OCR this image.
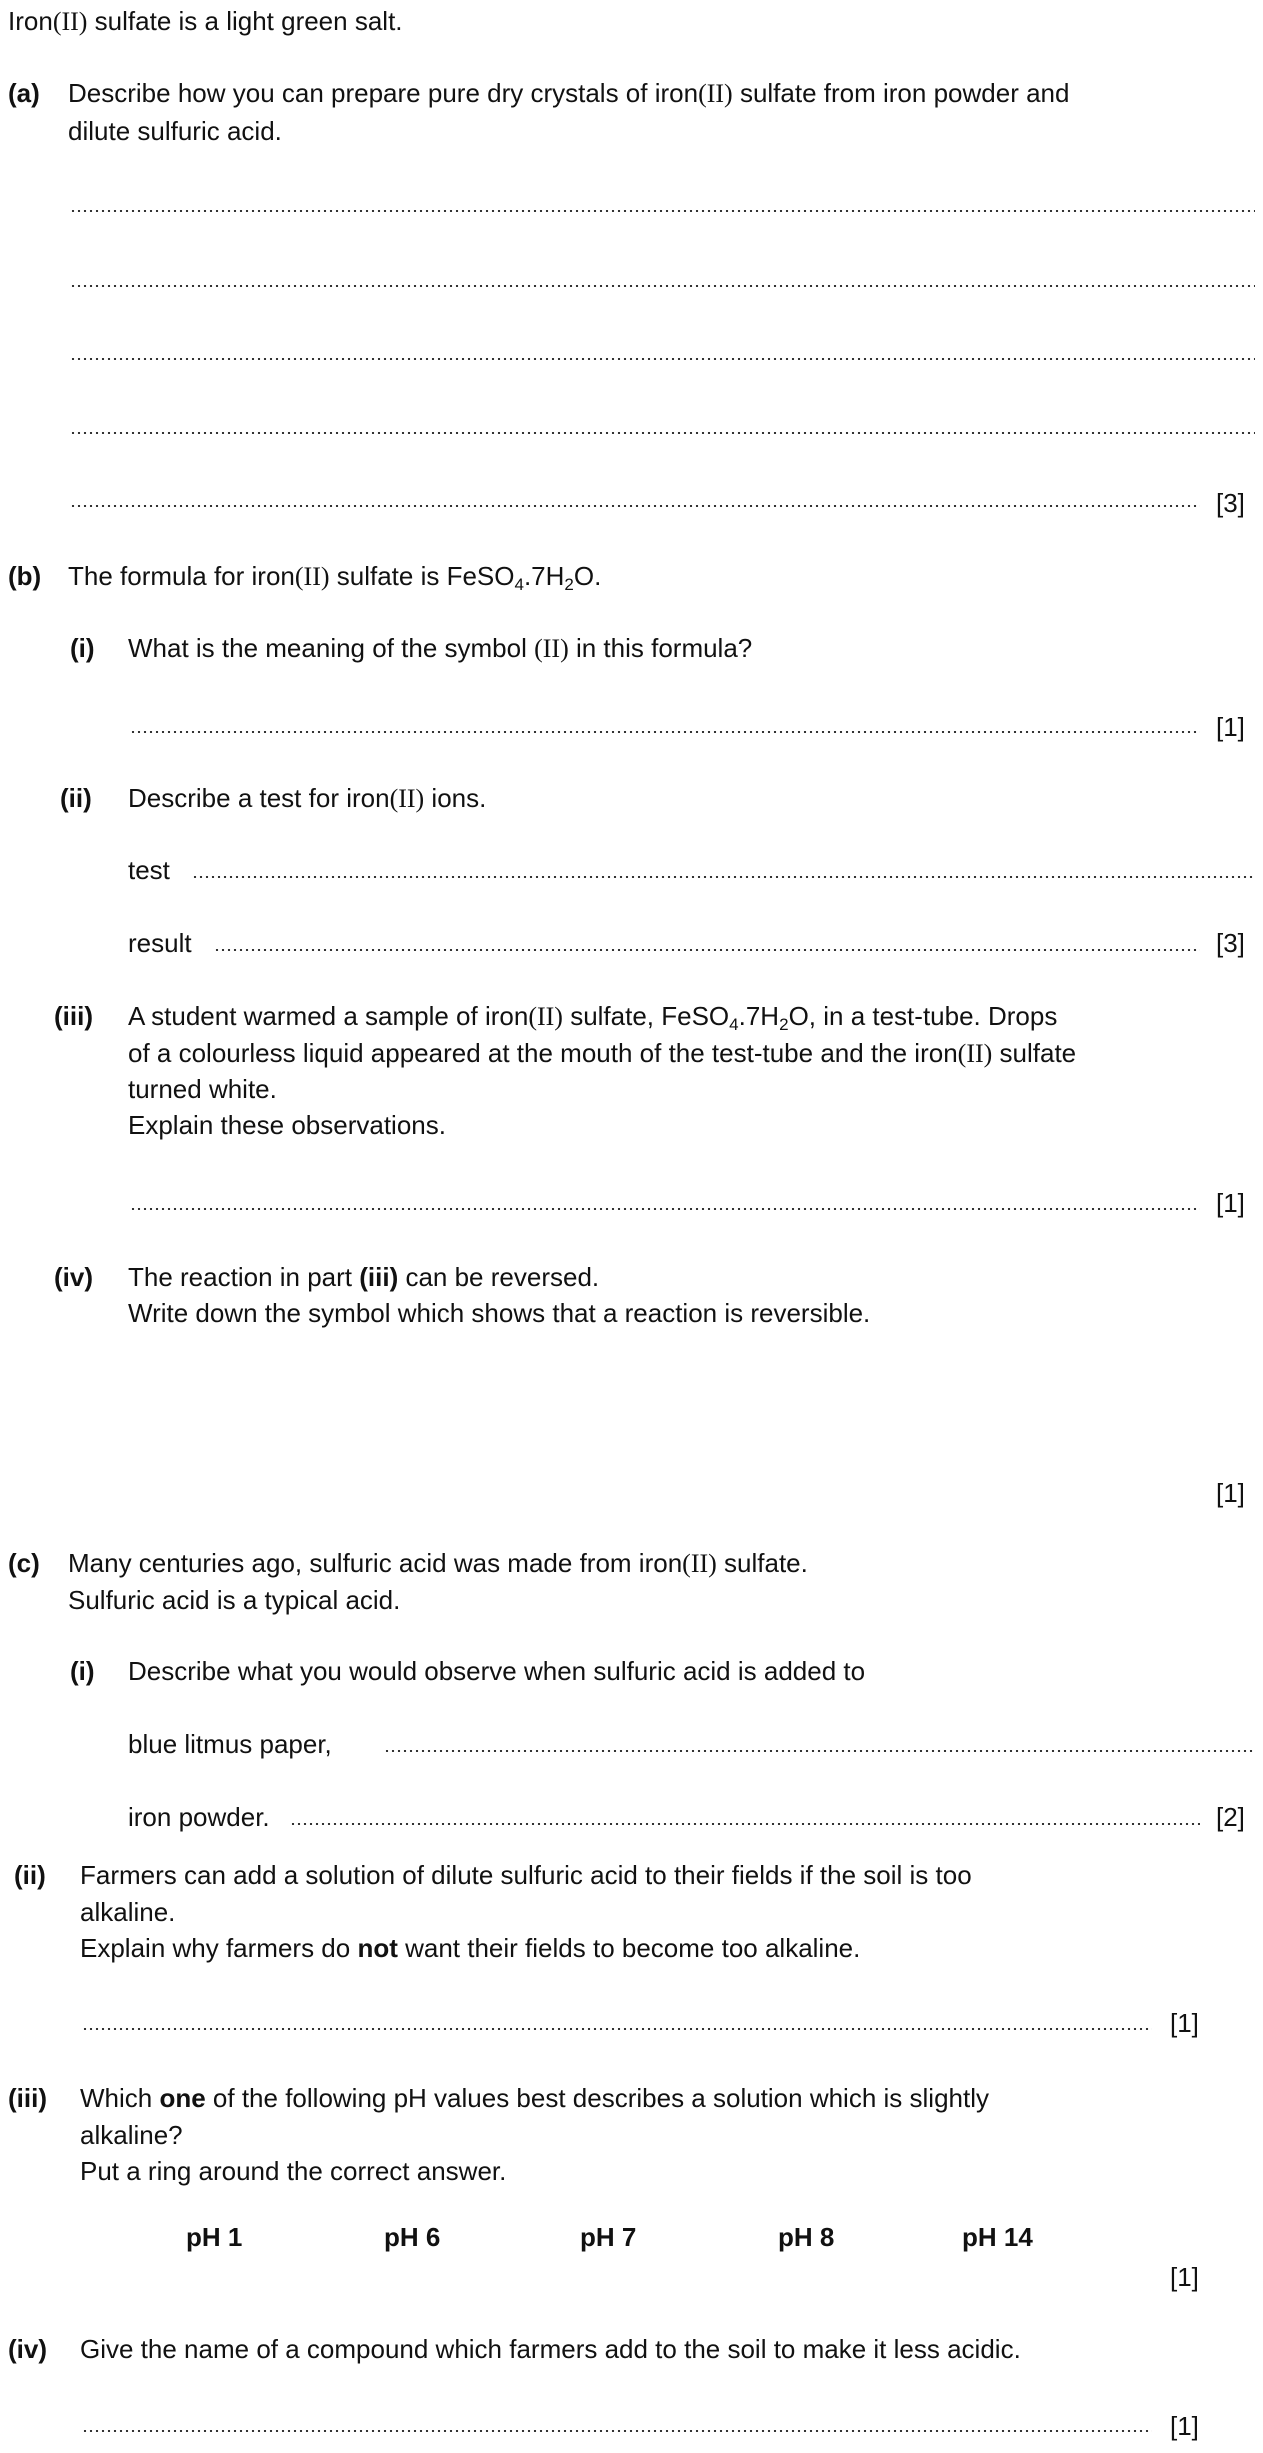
Iron(II) sulfate is a light green salt.
(a) Describe how you can prepare pure dry crystals of iron(II) sulfate from iron powder and
dilute sulfuric acid.
[3]
(b) The formula for iron(II) sulfate is $FeSO_4.7H_2O$.
(i) What is the meaning of the symbol (II) in this formula?
[1]
(ii) Describe a test for iron(II) ions.
test
result	[3]
(iii) A student warmed a sample of iron(II) sulfate, $FeSO_4.7H_2O$, in a test-tube. Drops
of a colourless liquid appeared at the mouth of the test-tube and the iron(II) sulfate
turned white.
Explain these observations.
[1]
(iv) The reaction in part (iii) can be reversed.
Write down the symbol which shows that a reaction is reversible.
[1]
(c) Many centuries ago, sulfuric acid was made from iron(II) sulfate.
Sulfuric acid is a typical acid.
(i) Describe what you would observe when sulfuric acid is added to
blue litmus paper,
iron powder.	[2]
(ii) Farmers can add a solution of dilute sulfuric acid to their fields if the soil is too
alkaline.
Explain why farmers do not want their fields to become too alkaline.
[1]
(iii) Which one of the following pH values best describes a solution which is slightly
alkaline?
Put a ring around the correct answer.
pH 1	pH 6	pH 7	pH 8	pH 14
[1]
(iv) Give the name of a compound which farmers add to the soil to make it less acidic.
[1]
